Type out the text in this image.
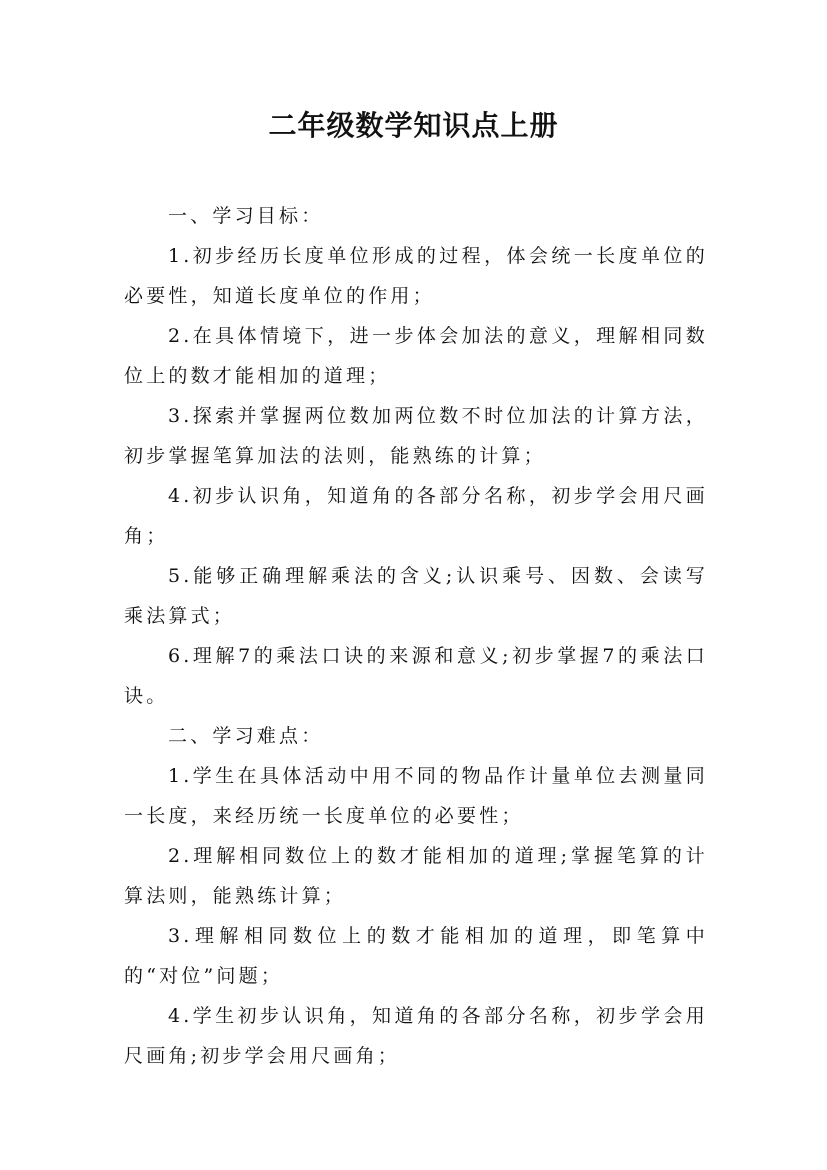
二年级数学知识点上册

一、学习目标：

1.初步经历长度单位形成的过程，体会统一长度单位的必要性，知道长度单位的作用；

2.在具体情境下，进一步体会加法的意义，理解相同数位上的数才能相加的道理；

3.探索并掌握两位数加两位数不时位加法的计算方法，初步掌握笔算加法的法则，能熟练的计算；

4.初步认识角，知道角的各部分名称，初步学会用尺画角；

5.能够正确理解乘法的含义;认识乘号、因数、会读写乘法算式；

6.理解7的乘法口诀的来源和意义;初步掌握7的乘法口诀。

二、学习难点：

1.学生在具体活动中用不同的物品作计量单位去测量同一长度，来经历统一长度单位的必要性；

2.理解相同数位上的数才能相加的道理;掌握笔算的计算法则，能熟练计算；

3.理解相同数位上的数才能相加的道理，即笔算中的“对位”问题；

4.学生初步认识角，知道角的各部分名称，初步学会用尺画角;初步学会用尺画角；
